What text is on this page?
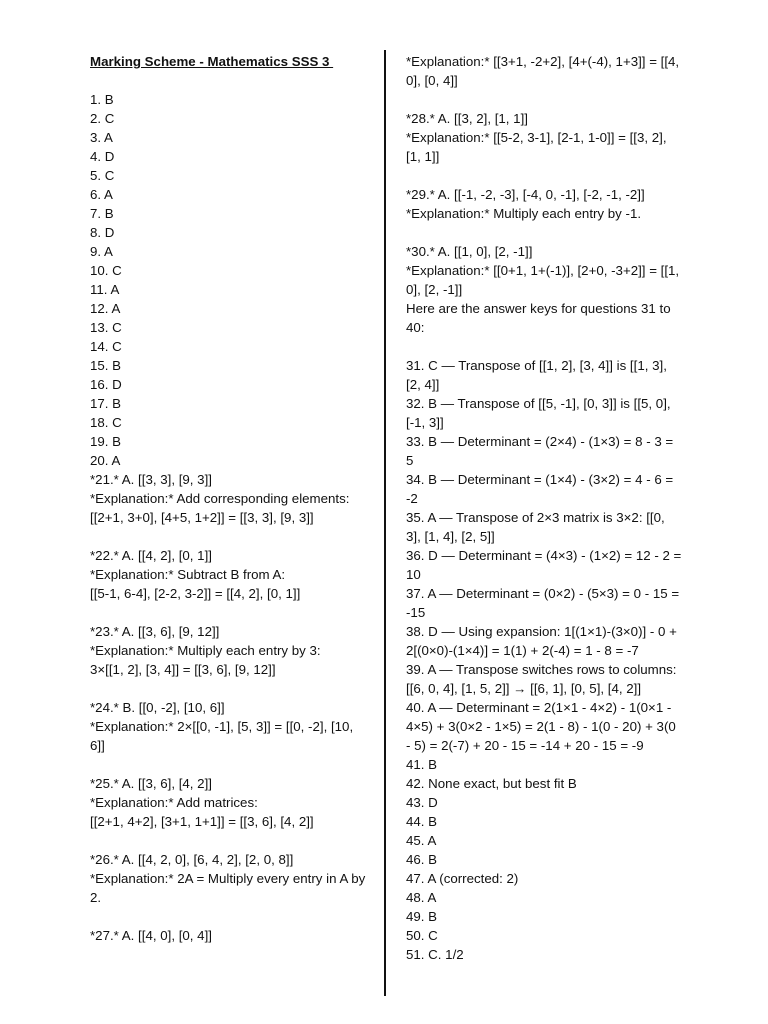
Marking Scheme - Mathematics SSS 3
1. B
2. C
3. A
4. D
5. C
6. A
7. B
8. D
9. A
10. C
11. A
12. A
13. C
14. C
15. B
16. D
17. B
18. C
19. B
20. A
*21.* A. [[3, 3], [9, 3]]
*Explanation:* Add corresponding elements:
[[2+1, 3+0], [4+5, 1+2]] = [[3, 3], [9, 3]]
*22.* A. [[4, 2], [0, 1]]
*Explanation:* Subtract B from A:
[[5-1, 6-4], [2-2, 3-2]] = [[4, 2], [0, 1]]
*23.* A. [[3, 6], [9, 12]]
*Explanation:* Multiply each entry by 3:
3×[[1, 2], [3, 4]] = [[3, 6], [9, 12]]
*24.* B. [[0, -2], [10, 6]]
*Explanation:* 2×[[0, -1], [5, 3]] = [[0, -2], [10, 6]]
*25.* A. [[3, 6], [4, 2]]
*Explanation:* Add matrices:
[[2+1, 4+2], [3+1, 1+1]] = [[3, 6], [4, 2]]
*26.* A. [[4, 2, 0], [6, 4, 2], [2, 0, 8]]
*Explanation:* 2A = Multiply every entry in A by 2.
*27.* A. [[4, 0], [0, 4]]
*Explanation:* [[3+1, -2+2], [4+(-4), 1+3]] = [[4, 0], [0, 4]]
*28.* A. [[3, 2], [1, 1]]
*Explanation:* [[5-2, 3-1], [2-1, 1-0]] = [[3, 2], [1, 1]]
*29.* A. [[-1, -2, -3], [-4, 0, -1], [-2, -1, -2]]
*Explanation:* Multiply each entry by -1.
*30.* A. [[1, 0], [2, -1]]
*Explanation:* [[0+1, 1+(-1)], [2+0, -3+2]] = [[1, 0], [2, -1]]
Here are the answer keys for questions 31 to 40:
31. C — Transpose of [[1, 2], [3, 4]] is [[1, 3], [2, 4]]
32. B — Transpose of [[5, -1], [0, 3]] is [[5, 0], [-1, 3]]
33. B — Determinant = (2×4) - (1×3) = 8 - 3 = 5
34. B — Determinant = (1×4) - (3×2) = 4 - 6 = -2
35. A — Transpose of 2×3 matrix is 3×2: [[0, 3], [1, 4], [2, 5]]
36. D — Determinant = (4×3) - (1×2) = 12 - 2 = 10
37. A — Determinant = (0×2) - (5×3) = 0 - 15 = -15
38. D — Using expansion: 1[(1×1)-(3×0)] - 0 + 2[(0×0)-(1×4)] = 1(1) + 2(-4) = 1 - 8 = -7
39. A — Transpose switches rows to columns: [[6, 0, 4], [1, 5, 2]] → [[6, 1], [0, 5], [4, 2]]
40. A — Determinant = 2(1×1 - 4×2) - 1(0×1 - 4×5) + 3(0×2 - 1×5) = 2(1 - 8) - 1(0 - 20) + 3(0 - 5) = 2(-7) + 20 - 15 = -14 + 20 - 15 = -9
41. B
42. None exact, but best fit B
43. D
44. B
45. A
46. B
47. A (corrected: 2)
48. A
49. B
50. C
51. C. 1/2
